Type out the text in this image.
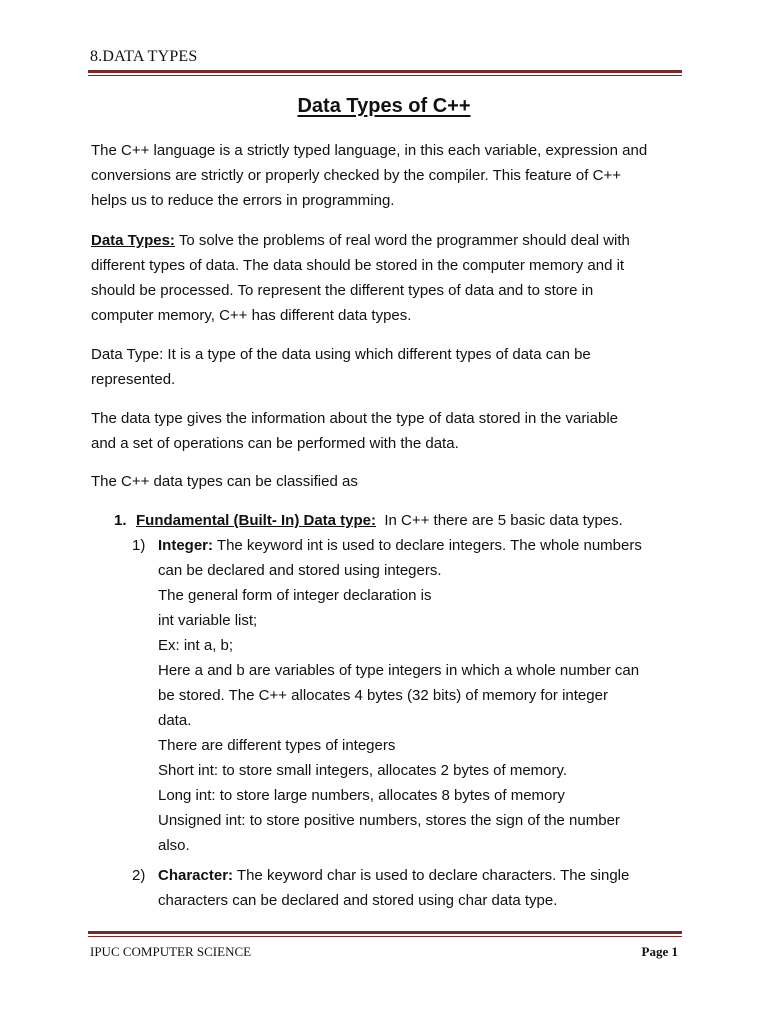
8.DATA TYPES
Data Types of C++
The C++ language is a strictly typed language, in this each variable, expression and
conversions are strictly or properly checked by the compiler. This feature of C++
helps us to reduce the errors in programming.
Data Types: To solve the problems of real word the programmer should deal with
different types of data. The data should be stored in the computer memory and it
should be processed. To represent the different types of data and to store in
computer memory, C++ has different data types.
Data Type: It is a type of the data using which different types of data can be
represented.
The data type gives the information about the type of data stored in the variable
and a set of operations can be performed with the data.
The C++ data types can be classified as
1. Fundamental (Built- In) Data type:  In C++ there are 5 basic data types.
1) Integer: The keyword int is used to declare integers. The whole numbers
can be declared and stored using integers.
The general form of integer declaration is
int variable list;
Ex: int a, b;
Here a and b are variables of type integers in which a whole number can
be stored. The C++ allocates 4 bytes (32 bits) of memory for integer
data.
There are different types of integers
Short int: to store small integers, allocates 2 bytes of memory.
Long int: to store large numbers, allocates 8 bytes of memory
Unsigned int: to store positive numbers, stores the sign of the number
also.
2) Character: The keyword char is used to declare characters. The single
characters can be declared and stored using char data type.
IPUC COMPUTER SCIENCE	Page 1
